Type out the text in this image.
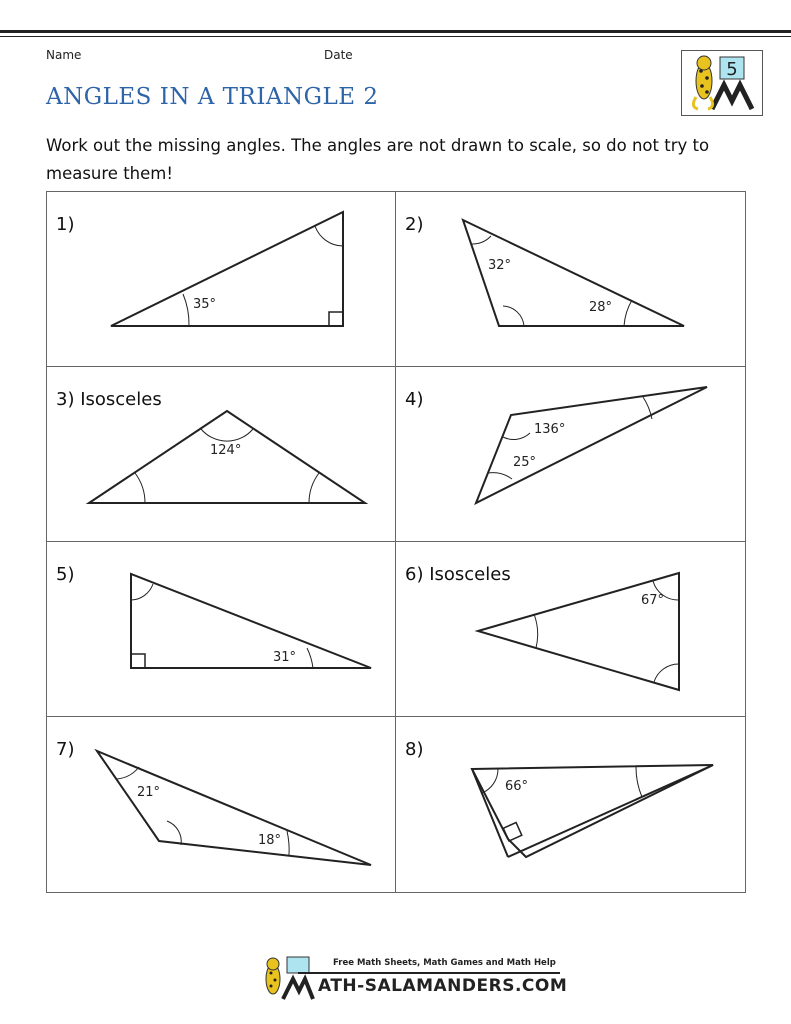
Name	Date
ANGLES IN A TRIANGLE 2
5
Work out the missing angles. The angles are not drawn to scale, so do not try to measure them!
1)
35°
2)
32°
28°
3) Isosceles
124°
4)
136°
25°
5)
31°
6) Isosceles
67°
7)
21°
18°
8)
66°
Free Math Sheets, Math Games and Math Help
ATH-SALAMANDERS.COM
